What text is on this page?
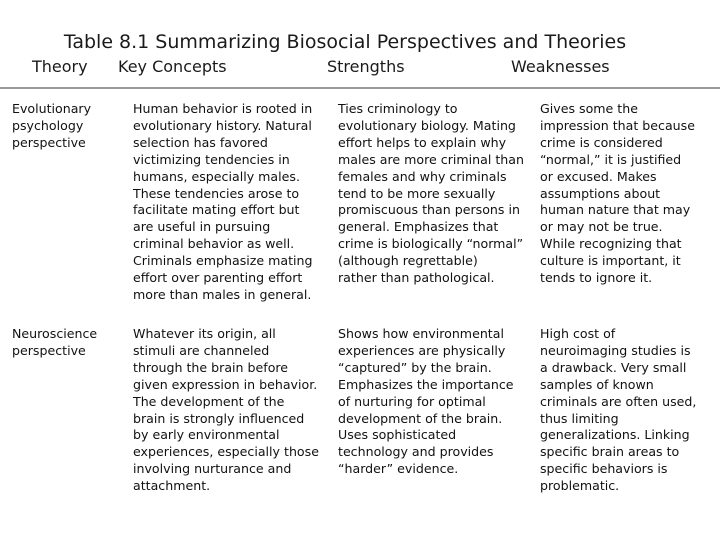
Table 8.1 Summarizing Biosocial Perspectives and Theories
Theory Key Concepts	Strengths	Weaknesses
Evolutionary
psychology
perspective
Human behavior is rooted in
evolutionary history. Natural
selection has favored
victimizing tendencies in
humans, especially males.
These tendencies arose to
facilitate mating effort but
are useful in pursuing
criminal behavior as well.
Criminals emphasize mating
effort over parenting effort
more than males in general.
Ties criminology to
evolutionary biology. Mating
effort helps to explain why
males are more criminal than
females and why criminals
tend to be more sexually
promiscuous than persons in
general. Emphasizes that
crime is biologically “normal”
(although regrettable)
rather than pathological.
Gives some the
impression that because
crime is considered
“normal,” it is justified
or excused. Makes
assumptions about
human nature that may
or may not be true.
While recognizing that
culture is important, it
tends to ignore it.
Neuroscience
perspective
Whatever its origin, all
stimuli are channeled
through the brain before
given expression in behavior.
The development of the
brain is strongly influenced
by early environmental
experiences, especially those
involving nurturance and
attachment.
Shows how environmental
experiences are physically
“captured” by the brain.
Emphasizes the importance
of nurturing for optimal
development of the brain.
Uses sophisticated
technology and provides
“harder” evidence.
High cost of
neuroimaging studies is
a drawback. Very small
samples of known
criminals are often used,
thus limiting
generalizations. Linking
specific brain areas to
specific behaviors is
problematic.
